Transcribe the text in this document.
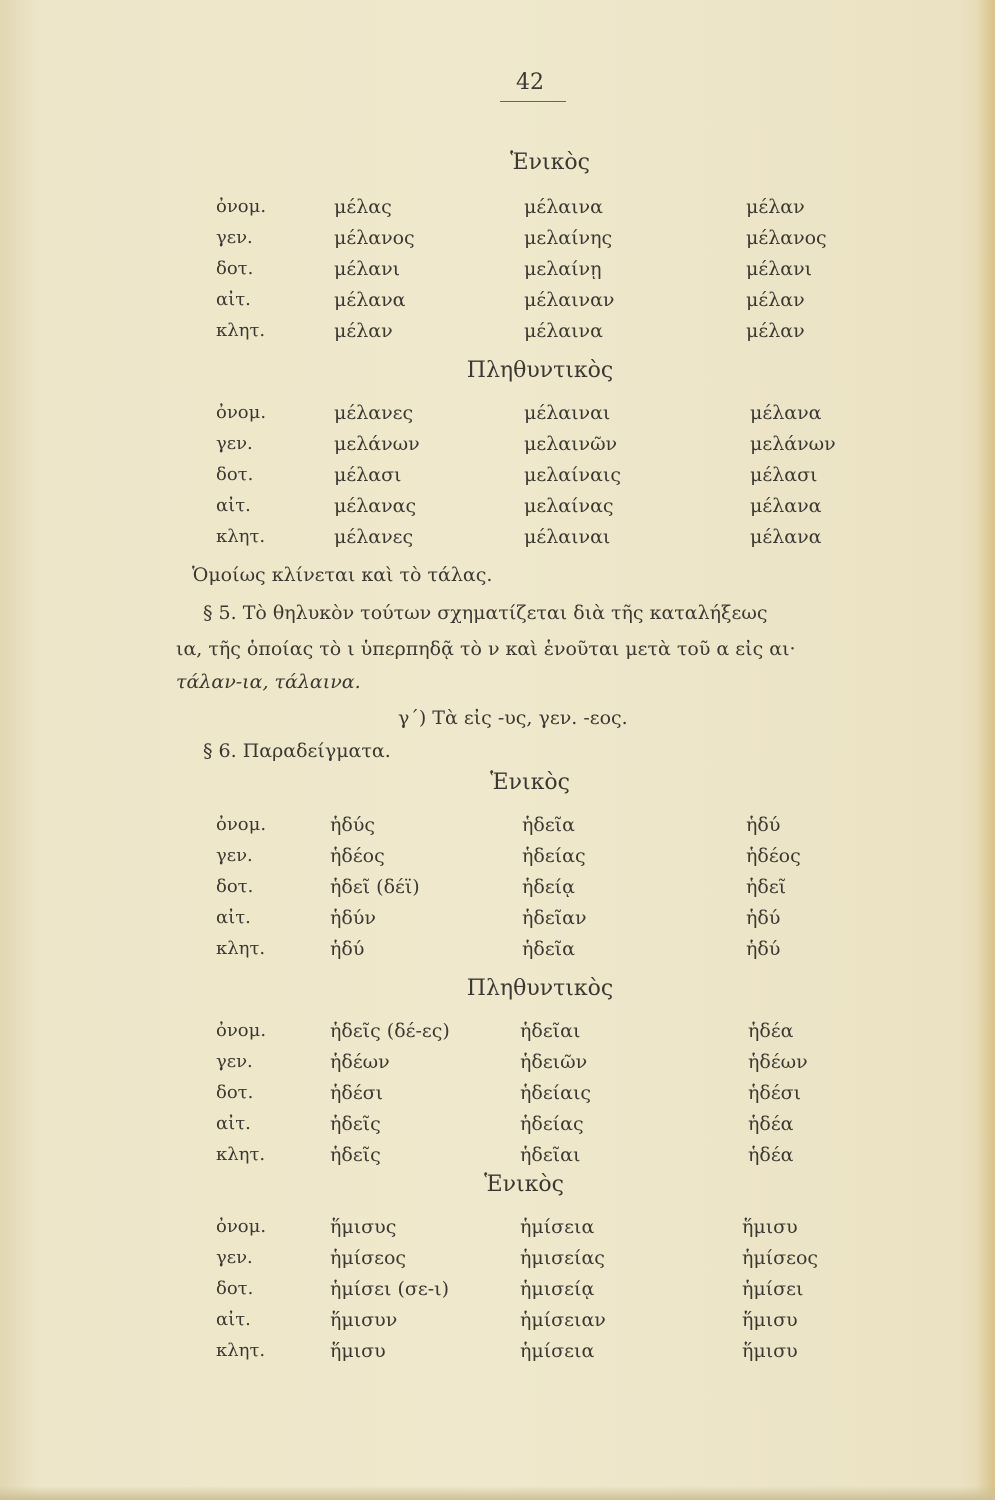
42
Ἑνικὸς
ὀνομ.
γεν.
δοτ.
αἰτ.
κλητ.
μέλας
μέλανος
μέλανι
μέλανα
μέλαν
μέλαινα
μελαίνης
μελαίνῃ
μέλαιναν
μέλαινα
μέλαν
μέλανος
μέλανι
μέλαν
μέλαν
Πληθυντικὸς
ὀνομ.
γεν.
δοτ.
αἰτ.
κλητ.
μέλανες
μελάνων
μέλασι
μέλανας
μέλανες
μέλαιναι
μελαινῶν
μελαίναις
μελαίνας
μέλαιναι
μέλανα
μελάνων
μέλασι
μέλανα
μέλανα
Ὁμοίως κλίνεται καὶ τὸ τάλας.
§ 5. Τὸ θηλυκὸν τούτων σχηματίζεται διὰ τῆς καταλήξεως
ια, τῆς ὁποίας τὸ ι ὑπερπηδᾷ τὸ ν καὶ ἑνοῦται μετὰ τοῦ α εἰς αι·
τάλαν-ια, τάλαινα.
γ΄) Τὰ εἰς -υς, γεν. -εος.
§ 6. Παραδείγματα.
Ἑνικὸς
ὀνομ.
γεν.
δοτ.
αἰτ.
κλητ.
ἡδύς
ἡδέος
ἡδεῖ (δέϊ)
ἡδύν
ἡδύ
ἡδεῖα
ἡδείας
ἡδείᾳ
ἡδεῖαν
ἡδεῖα
ἡδύ
ἡδέος
ἡδεῖ
ἡδύ
ἡδύ
Πληθυντικὸς
ὀνομ.
γεν.
δοτ.
αἰτ.
κλητ.
ἡδεῖς (δέ-ες)
ἡδέων
ἡδέσι
ἡδεῖς
ἡδεῖς
ἡδεῖαι
ἡδειῶν
ἡδείαις
ἡδείας
ἡδεῖαι
ἡδέα
ἡδέων
ἡδέσι
ἡδέα
ἡδέα
Ἑνικὸς
ὀνομ.
γεν.
δοτ.
αἰτ.
κλητ.
ἥμισυς
ἡμίσεος
ἡμίσει (σε-ι)
ἥμισυν
ἥμισυ
ἡμίσεια
ἡμισείας
ἡμισείᾳ
ἡμίσειαν
ἡμίσεια
ἥμισυ
ἡμίσεος
ἡμίσει
ἥμισυ
ἥμισυ
